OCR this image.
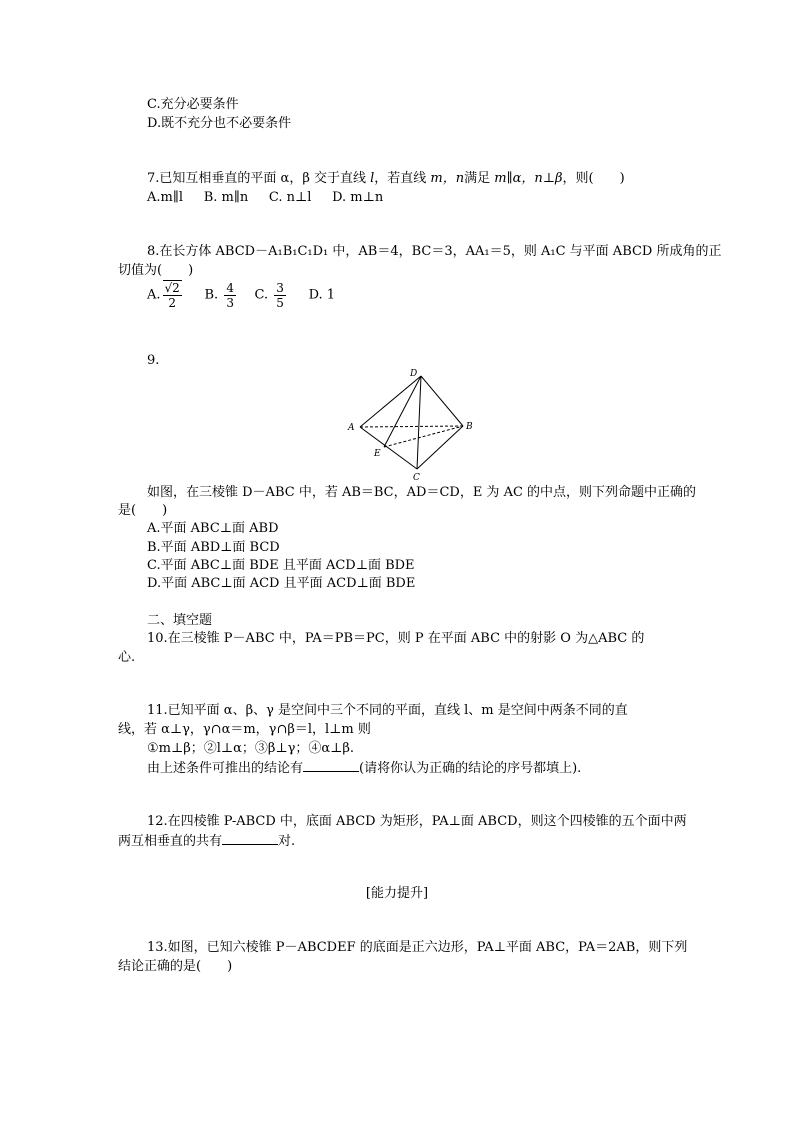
C.充分必要条件
D.既不充分也不必要条件
7.已知互相垂直的平面 α，β 交于直线 l，若直线 m，n满足 m∥α，n⊥β，则(　　)
A.m∥l B. m∥n C. n⊥l D. m⊥n
8.在长方体 ABCD－A₁B₁C₁D₁ 中，AB＝4，BC＝3，AA₁＝5，则 A₁C 与平面 ABCD 所成角的正
切值为(　　)
A. $\frac{√2}{2} B$. $\frac{4}{3} C$. $\frac{3}{5} D$. 1
9.
D
A	B
E
C
如图，在三棱锥 D－ABC 中，若 AB＝BC，AD＝CD，E 为 AC 的中点，则下列命题中正确的
是(　　)
A.平面 ABC⊥面 ABD
B.平面 ABD⊥面 BCD
C.平面 ABC⊥面 BDE 且平面 ACD⊥面 BDE
D.平面 ABC⊥面 ACD 且平面 ACD⊥面 BDE
二、填空题
10.在三棱锥 P－ABC 中，PA＝PB＝PC，则 P 在平面 ABC 中的射影 O 为△ABC 的
心.
11.已知平面 α、β、γ 是空间中三个不同的平面，直线 l、m 是空间中两条不同的直
线，若 α⊥γ，γ∩α＝m，γ∩β＝l，l⊥m 则
①m⊥β；②l⊥α；③β⊥γ；④α⊥β.
由上述条件可推出的结论有	(请将你认为正确的结论的序号都填上).
12.在四棱锥 P-ABCD 中，底面 ABCD 为矩形，PA⊥面 ABCD，则这个四棱锥的五个面中两
两互相垂直的共有	对.
[能力提升]
13.如图，已知六棱锥 P－ABCDEF 的底面是正六边形，PA⊥平面 ABC，PA＝2AB，则下列
结论正确的是(　　)
